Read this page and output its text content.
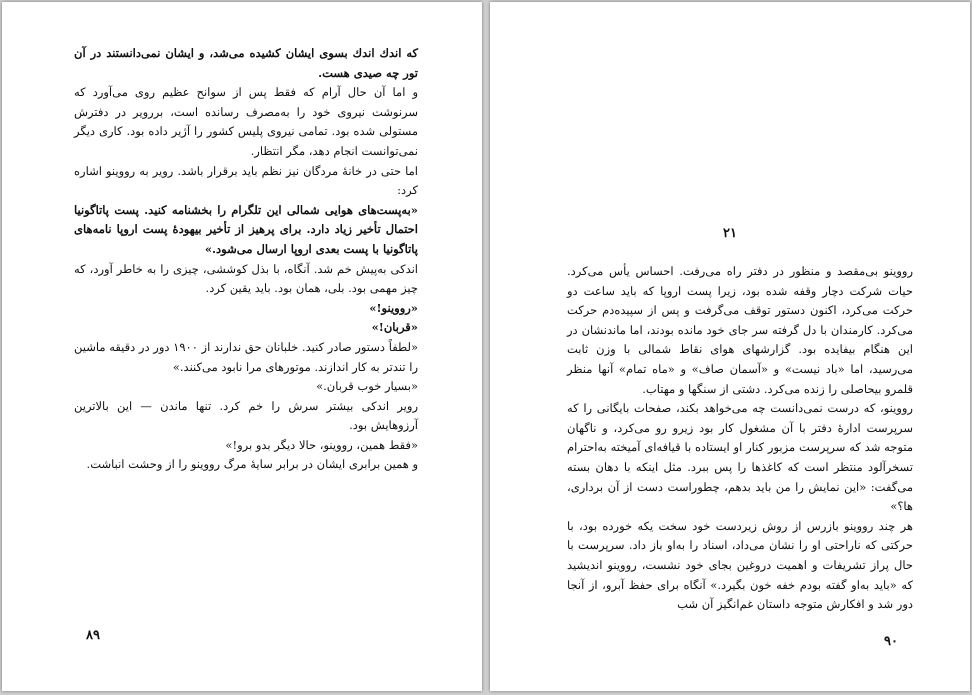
که اندك اندك بسوی ایشان کشیده می‌شد، و ایشان نمی‌دانستند در آن تور چه صیدی هست.

و اما آن حال آرام که فقط پس از سوانح عظیم روی می‌آورد که سرنوشت نیروی خود را به‌مصرف رسانده است، بررویر در دفترش مستولی شده بود. تمامی نیروی پلیس کشور را آژیر داده بود. کاری دیگر نمی‌توانست انجام دهد، مگر انتظار.

اما حتی در خانهٔ مردگان نیز نظم باید برقرار باشد. رویر به رووینو اشاره کرد:

«به‌پست‌های هوایی شمالی این تلگرام را بخشنامه کنید. پست پاتاگونیا احتمال تأخیر زیاد دارد. برای پرهیز از تأخیر بیهودهٔ پست اروپا نامه‌های پاتاگونیا با پست بعدی اروپا ارسال می‌شود.»

اندکی به‌پیش خم شد. آنگاه، با بذل کوششی، چیزی را به خاطر آورد، که چیز مهمی بود. بلی، همان بود. باید یقین کرد.

«رووینو!»

«قربان!»

«لطفاً دستور صادر کنید. خلبانان حق ندارند از ۱۹۰۰ دور در دقیقه ماشین را تندتر به کار اندازند. موتورهای مرا نابود می‌کنند.»

«بسیار خوب قربان.»

رویر اندکی بیشتر سرش را خم کرد. تنها ماندن — این بالاترین آرزوهایش بود.

«فقط همین، رووینو، حالا دیگر بدو برو!»

و همین برابری ایشان در برابر سایهٔ مرگ رووینو را از وحشت انباشت.

۸۹
۲۱

رووینو بی‌مقصد و منظور در دفتر راه می‌رفت. احساس یأس می‌کرد. حیات شرکت دچار وقفه شده بود، زیرا پست اروپا که باید ساعت دو حرکت می‌کرد، اکنون دستور توقف می‌گرفت و پس از سپیده‌دم حرکت می‌کرد. کارمندان با دل گرفته سر جای خود مانده بودند، اما ماندنشان در این هنگام بیفایده بود. گزارشهای هوای نقاط شمالی با وزن ثابت می‌رسید، اما «باد نیست» و «آسمان صاف» و «ماه تمام» آنها منظر قلمرو بیحاصلی را زنده می‌کرد. دشتی از سنگها و مهتاب.

رووینو، که درست نمی‌دانست چه می‌خواهد بکند، صفحات بایگانی را که سرپرست ادارهٔ دفتر با آن مشغول کار بود زیرو رو می‌کرد، و ناگهان متوجه شد که سرپرست مزبور کنار او ایستاده با قیافه‌ای آمیخته به‌احترام تسخرآلود منتظر است که کاغذها را پس ببرد. مثل اینکه با دهان بسته می‌گفت: «این نمایش را من باید بدهم، چطوراست دست از آن برداری، ها؟»

هر چند رووینو بازرس از روش زیردست خود سخت یکه خورده بود، با حرکتی که ناراحتی او را نشان می‌داد، اسناد را به‌او باز داد. سرپرست با حال پراز تشریفات و اهمیت دروغین بجای خود نشست، رووینو اندیشید که «باید به‌او گفته بودم خفه خون بگیرد.» آنگاه برای حفظ آبرو، از آنجا دور شد و افکارش متوجه داستان غم‌انگیز آن شب

۹۰
